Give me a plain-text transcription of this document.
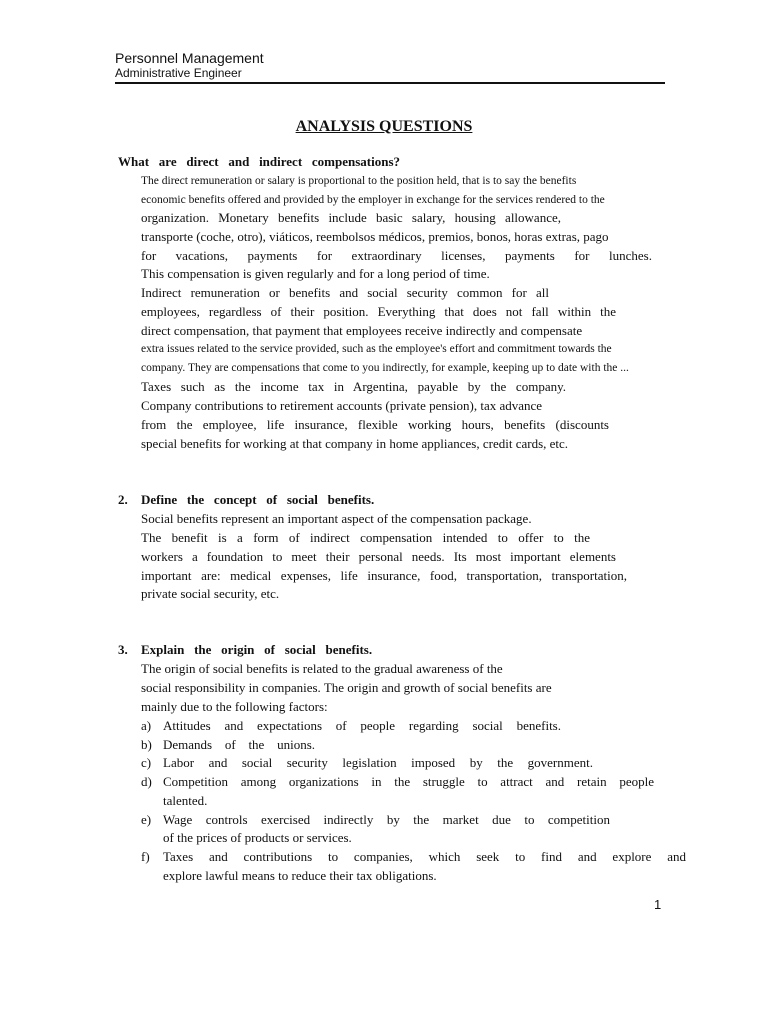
Personnel Management
Administrative Engineer
ANALYSIS QUESTIONS
What   are   direct   and   indirect   compensations?
The direct remuneration or salary is proportional to the position held, that is to say the benefits
economic benefits offered and provided by the employer in exchange for the services rendered to the
organization. Monetary benefits include basic salary, housing allowance,
transporte (coche, otro), viáticos, reembolsos médicos, premios, bonos, horas extras, pago
for vacations, payments for extraordinary licenses, payments for lunches.
This compensation is given regularly and for a long period of time.
Indirect remuneration or benefits and social security common for all
employees, regardless of their position. Everything that does not fall within the
direct compensation, that payment that employees receive indirectly and compensate
extra issues related to the service provided, such as the employee's effort and commitment towards the
company. They are compensations that come to you indirectly, for example, keeping up to date with the ...
Taxes such as the income tax in Argentina, payable by the company.
Company contributions to retirement accounts (private pension), tax advance
from the employee, life insurance, flexible working hours, benefits (discounts
special benefits for working at that company in home appliances, credit cards, etc.
2. Define   the   concept   of   social   benefits.
Social benefits represent an important aspect of the compensation package.
The benefit is a form of indirect compensation intended to offer to the
workers a foundation to meet their personal needs. Its most important elements
important are: medical expenses, life insurance, food, transportation, transportation,
private social security, etc.
3. Explain   the   origin   of   social   benefits.
The origin of social benefits is related to the gradual awareness of the
social responsibility in companies. The origin and growth of social benefits are
mainly due to the following factors:
a) Attitudes and expectations of people regarding social benefits.
b) Demands of the unions.
c) Labor and social security legislation imposed by the government.
d) Competition among organizations in the struggle to attract and retain people
talented.
e) Wage controls exercised indirectly by the market due to competition
of the prices of products or services.
f) Taxes and contributions to companies, which seek to find and explore and
explore lawful means to reduce their tax obligations.
1
